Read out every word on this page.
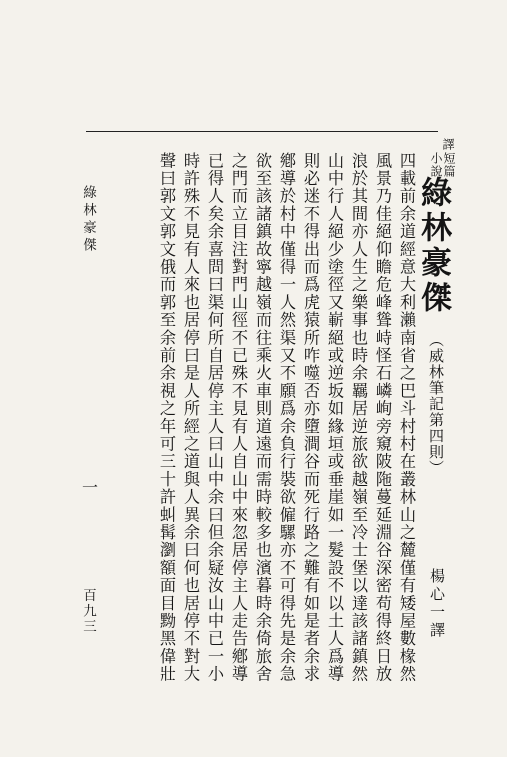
譯
短篇
小說
綠林豪傑
（威林筆記第四則）
楊心一譯
四載前余道經意大利瀨南省之巴斗村村在叢林山之麓僅有矮屋數椽然
風景乃佳絕仰瞻危峰聳峙怪石嶙峋旁窺陂陁蔓延淵谷深密苟得終日放
浪於其間亦人生之樂事也時余羈居逆旅欲越嶺至冷士堡以達該諸鎮然
山中行人絕少塗徑又嶄絕或逆坂如緣垣或垂崖如一髮設不以土人爲導
則必迷不得出而爲虎猿所咋噬否亦墮澗谷而死行路之難有如是者余求
鄕導於村中僅得一人然渠又不願爲余負行裝欲僱騾亦不可得先是余急
欲至該諸鎮故寧越嶺而往乘火車則道遠而需時較多也濱暮時余倚旅舍
之門而立目注對門山徑不已殊不見有人自山中來忽居停主人走告鄕導
已得人矣余喜問曰渠何所自居停主人曰山中余曰但余疑汝山中已一小
時許殊不見有人來也居停曰是人所經之道與人異余曰何也居停不對大
聲曰郭文郭文俄而郭至余前余視之年可三十許虯髯瀏額面目黝黑偉壯
綠林豪傑
一
百九三
